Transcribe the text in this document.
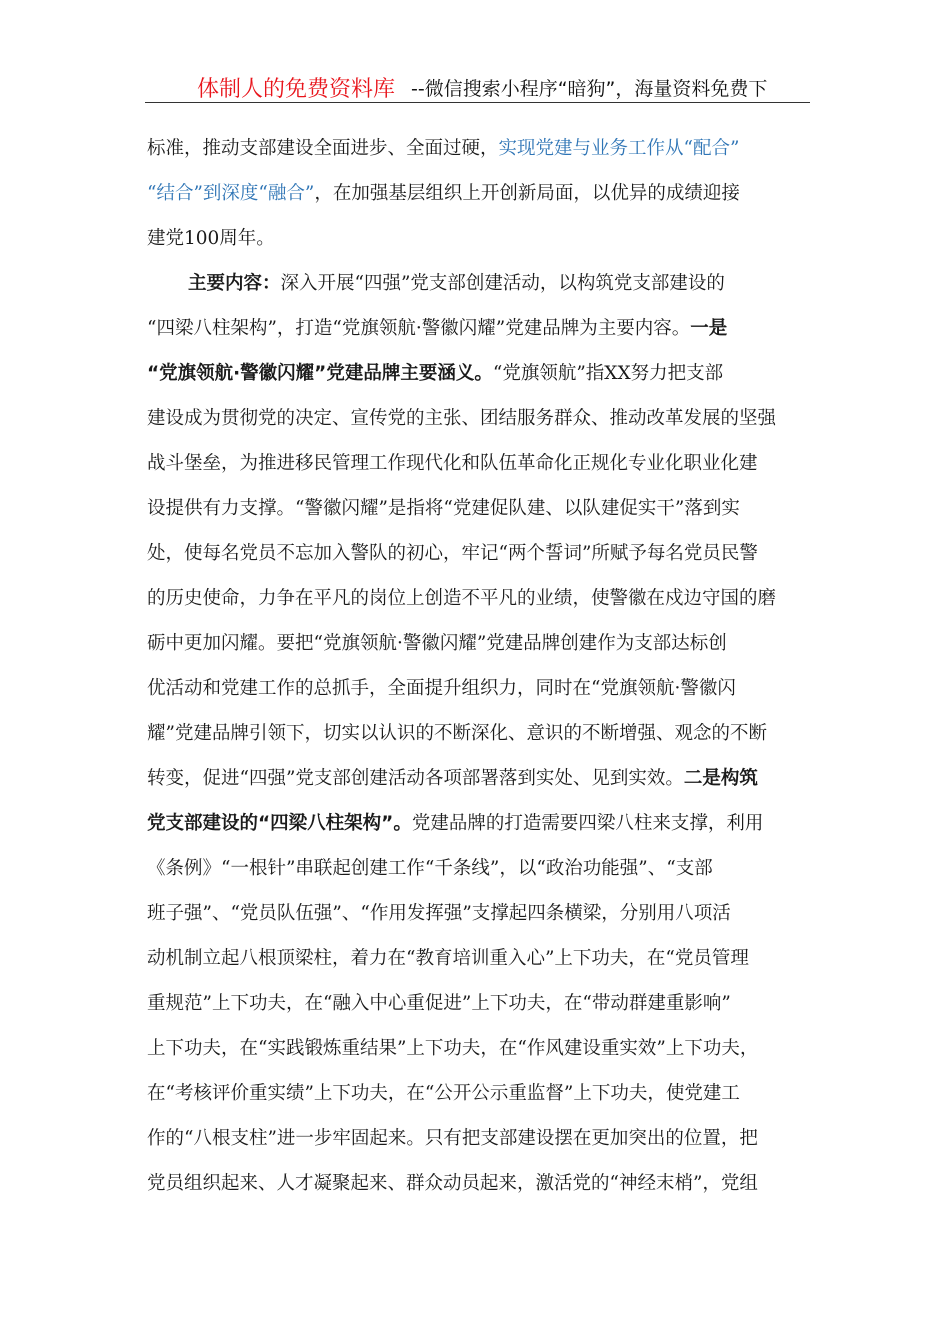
体制人的免费资料库 --微信搜索小程序“暗狗”，海量资料免费下
标准，推动支部建设全面进步、全面过硬，实现党建与业务工作从“配合”
“结合”到深度“融合”，在加强基层组织上开创新局面，以优异的成绩迎接
建党100周年。
主要内容：深入开展“四强”党支部创建活动，以构筑党支部建设的
“四梁八柱架构”，打造“党旗领航·警徽闪耀”党建品牌为主要内容。一是
“党旗领航·警徽闪耀”党建品牌主要涵义。“党旗领航”指XX努力把支部
建设成为贯彻党的决定、宣传党的主张、团结服务群众、推动改革发展的坚强
战斗堡垒，为推进移民管理工作现代化和队伍革命化正规化专业化职业化建
设提供有力支撑。“警徽闪耀”是指将“党建促队建、以队建促实干”落到实
处，使每名党员不忘加入警队的初心，牢记“两个誓词”所赋予每名党员民警
的历史使命，力争在平凡的岗位上创造不平凡的业绩，使警徽在戍边守国的磨
砺中更加闪耀。要把“党旗领航·警徽闪耀”党建品牌创建作为支部达标创
优活动和党建工作的总抓手，全面提升组织力，同时在“党旗领航·警徽闪
耀”党建品牌引领下，切实以认识的不断深化、意识的不断增强、观念的不断
转变，促进“四强”党支部创建活动各项部署落到实处、见到实效。二是构筑
党支部建设的“四梁八柱架构”。党建品牌的打造需要四梁八柱来支撑，利用
《条例》“一根针”串联起创建工作“千条线”，以“政治功能强”、“支部
班子强”、“党员队伍强”、“作用发挥强”支撑起四条横梁，分别用八项活
动机制立起八根顶梁柱，着力在“教育培训重入心”上下功夫，在“党员管理
重规范”上下功夫，在“融入中心重促进”上下功夫，在“带动群建重影响”
上下功夫，在“实践锻炼重结果”上下功夫，在“作风建设重实效”上下功夫，
在“考核评价重实绩”上下功夫，在“公开公示重监督”上下功夫，使党建工
作的“八根支柱”进一步牢固起来。只有把支部建设摆在更加突出的位置，把
党员组织起来、人才凝聚起来、群众动员起来，激活党的“神经末梢”，党组
